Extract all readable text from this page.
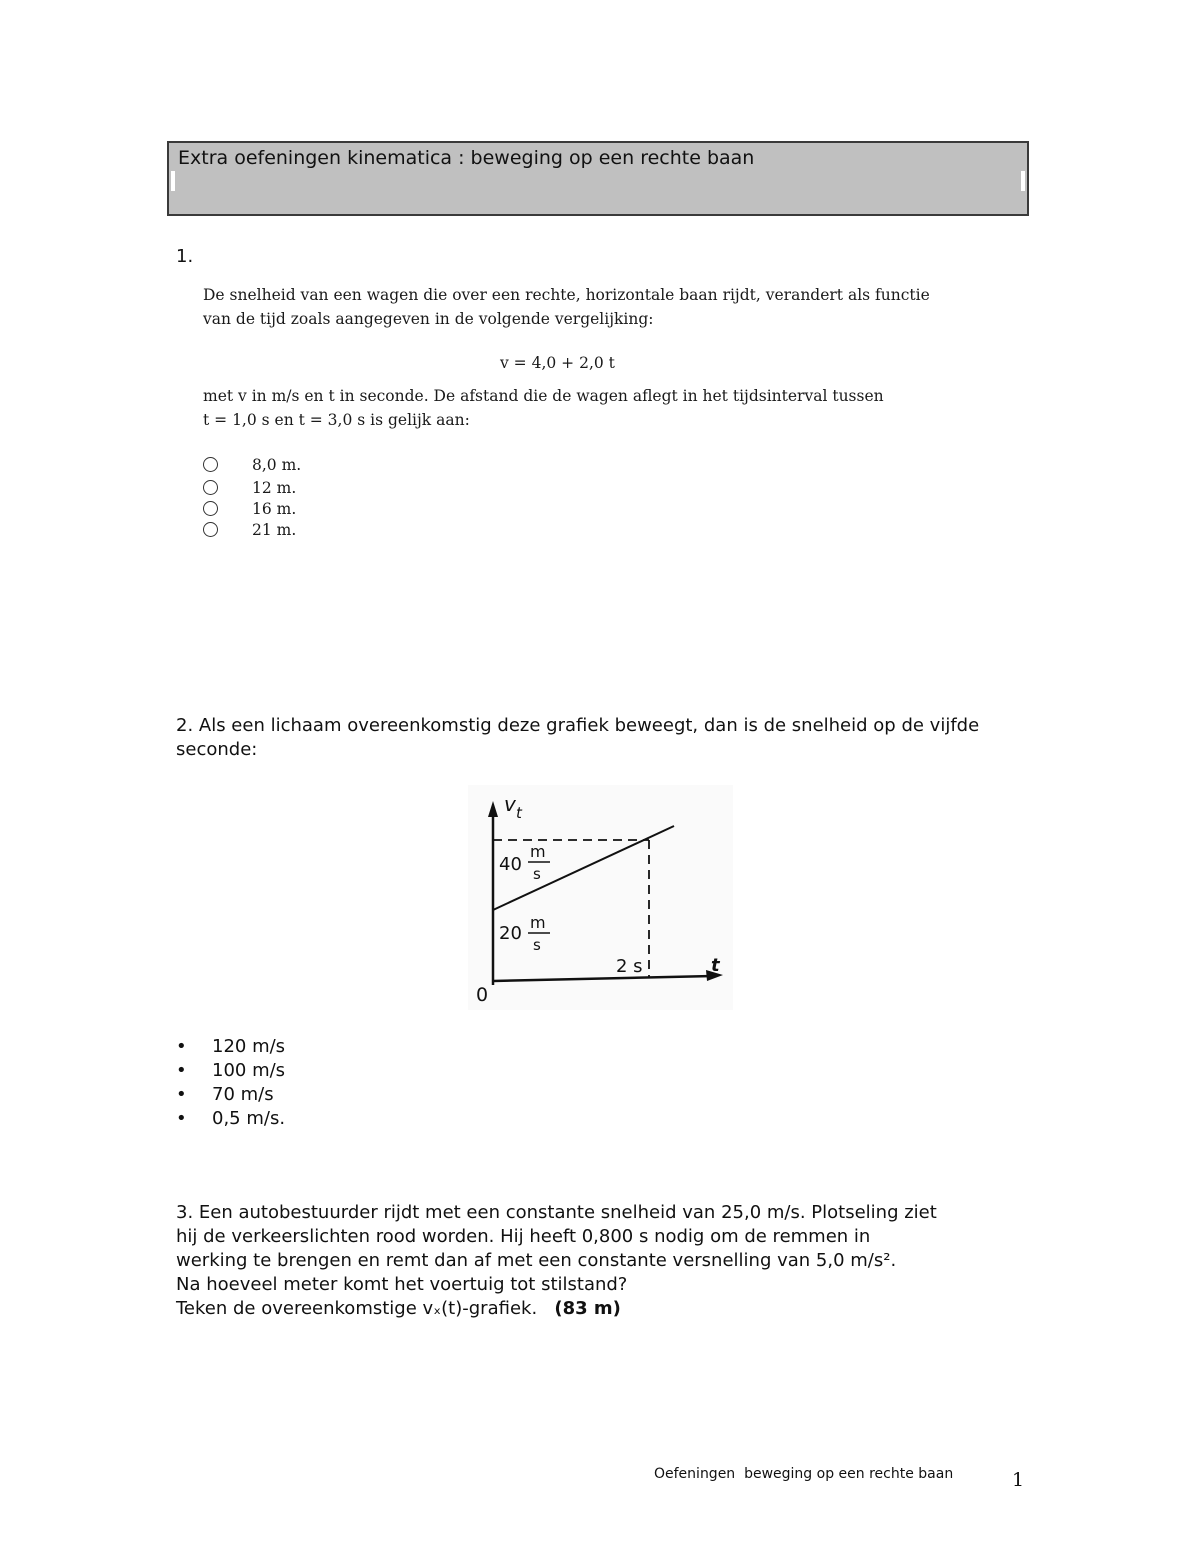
Extra oefeningen kinematica : beweging op een rechte baan
1.
De snelheid van een wagen die over een rechte, horizontale baan rijdt, verandert als functie
van de tijd zoals aangegeven in de volgende vergelijking:
v = 4,0 + 2,0 t
met v in m/s en t in seconde. De afstand die de wagen aflegt in het tijdsinterval tussen
t = 1,0 s en t = 3,0 s is gelijk aan:
8,0 m.
12 m.
16 m.
21 m.
2. Als een lichaam overeenkomstig deze grafiek beweegt, dan is de snelheid op de vijfde seconde:
v t
t
0
40
m
s
20
m
s
2 s
• 120 m/s
• 100 m/s
• 70 m/s
• 0,5 m/s.
3. Een autobestuurder rijdt met een constante snelheid van 25,0 m/s. Plotseling ziet
hij de verkeerslichten rood worden. Hij heeft 0,800 s nodig om de remmen in
werking te brengen en remt dan af met een constante versnelling van 5,0 m/s².
Na hoeveel meter komt het voertuig tot stilstand?
Teken de overeenkomstige vₓ(t)-grafiek. (83 m)
Oefeningen  beweging op een rechte baan	1
